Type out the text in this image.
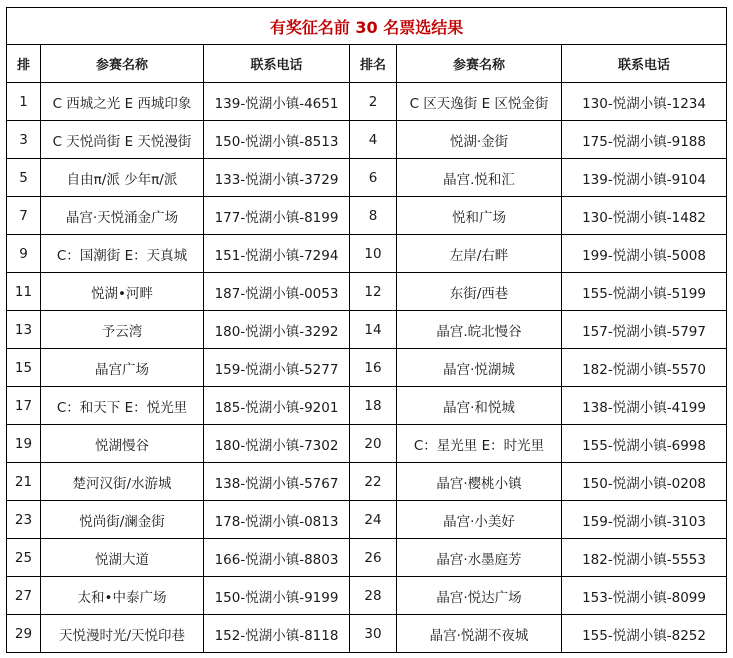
有奖征名前 30 名票选结果					
排	参赛名称	联系电话	排名	参赛名称	联系电话
1	C 西城之光 E 西城印象	139-悦湖小镇-4651	2	C 区天逸街 E 区悦金街	130-悦湖小镇-1234
3	C 天悦尚街 E 天悦漫街	150-悦湖小镇-8513	4	悦湖·金街	175-悦湖小镇-9188
5	自由π/派 少年π/派	133-悦湖小镇-3729	6	晶宫.悦和汇	139-悦湖小镇-9104
7	晶宫·天悦涌金广场	177-悦湖小镇-8199	8	悦和广场	130-悦湖小镇-1482
9	C：国潮街 E：天真城	151-悦湖小镇-7294	10	左岸/右畔	199-悦湖小镇-5008
11	悦湖•河畔	187-悦湖小镇-0053	12	东街/西巷	155-悦湖小镇-5199
13	予云湾	180-悦湖小镇-3292	14	晶宫.皖北慢谷	157-悦湖小镇-5797
15	晶宫广场	159-悦湖小镇-5277	16	晶宫·悦湖城	182-悦湖小镇-5570
17	C：和天下 E：悦光里	185-悦湖小镇-9201	18	晶宫·和悦城	138-悦湖小镇-4199
19	悦湖慢谷	180-悦湖小镇-7302	20	C：星光里 E：时光里	155-悦湖小镇-6998
21	楚河汉街/水游城	138-悦湖小镇-5767	22	晶宫·樱桃小镇	150-悦湖小镇-0208
23	悦尚街/澜金街	178-悦湖小镇-0813	24	晶宫·小美好	159-悦湖小镇-3103
25	悦湖大道	166-悦湖小镇-8803	26	晶宫·水墨庭芳	182-悦湖小镇-5553
27	太和•中泰广场	150-悦湖小镇-9199	28	晶宫·悦达广场	153-悦湖小镇-8099
29	天悦漫时光/天悦印巷	152-悦湖小镇-8118	30	晶宫·悦湖不夜城	155-悦湖小镇-8252
